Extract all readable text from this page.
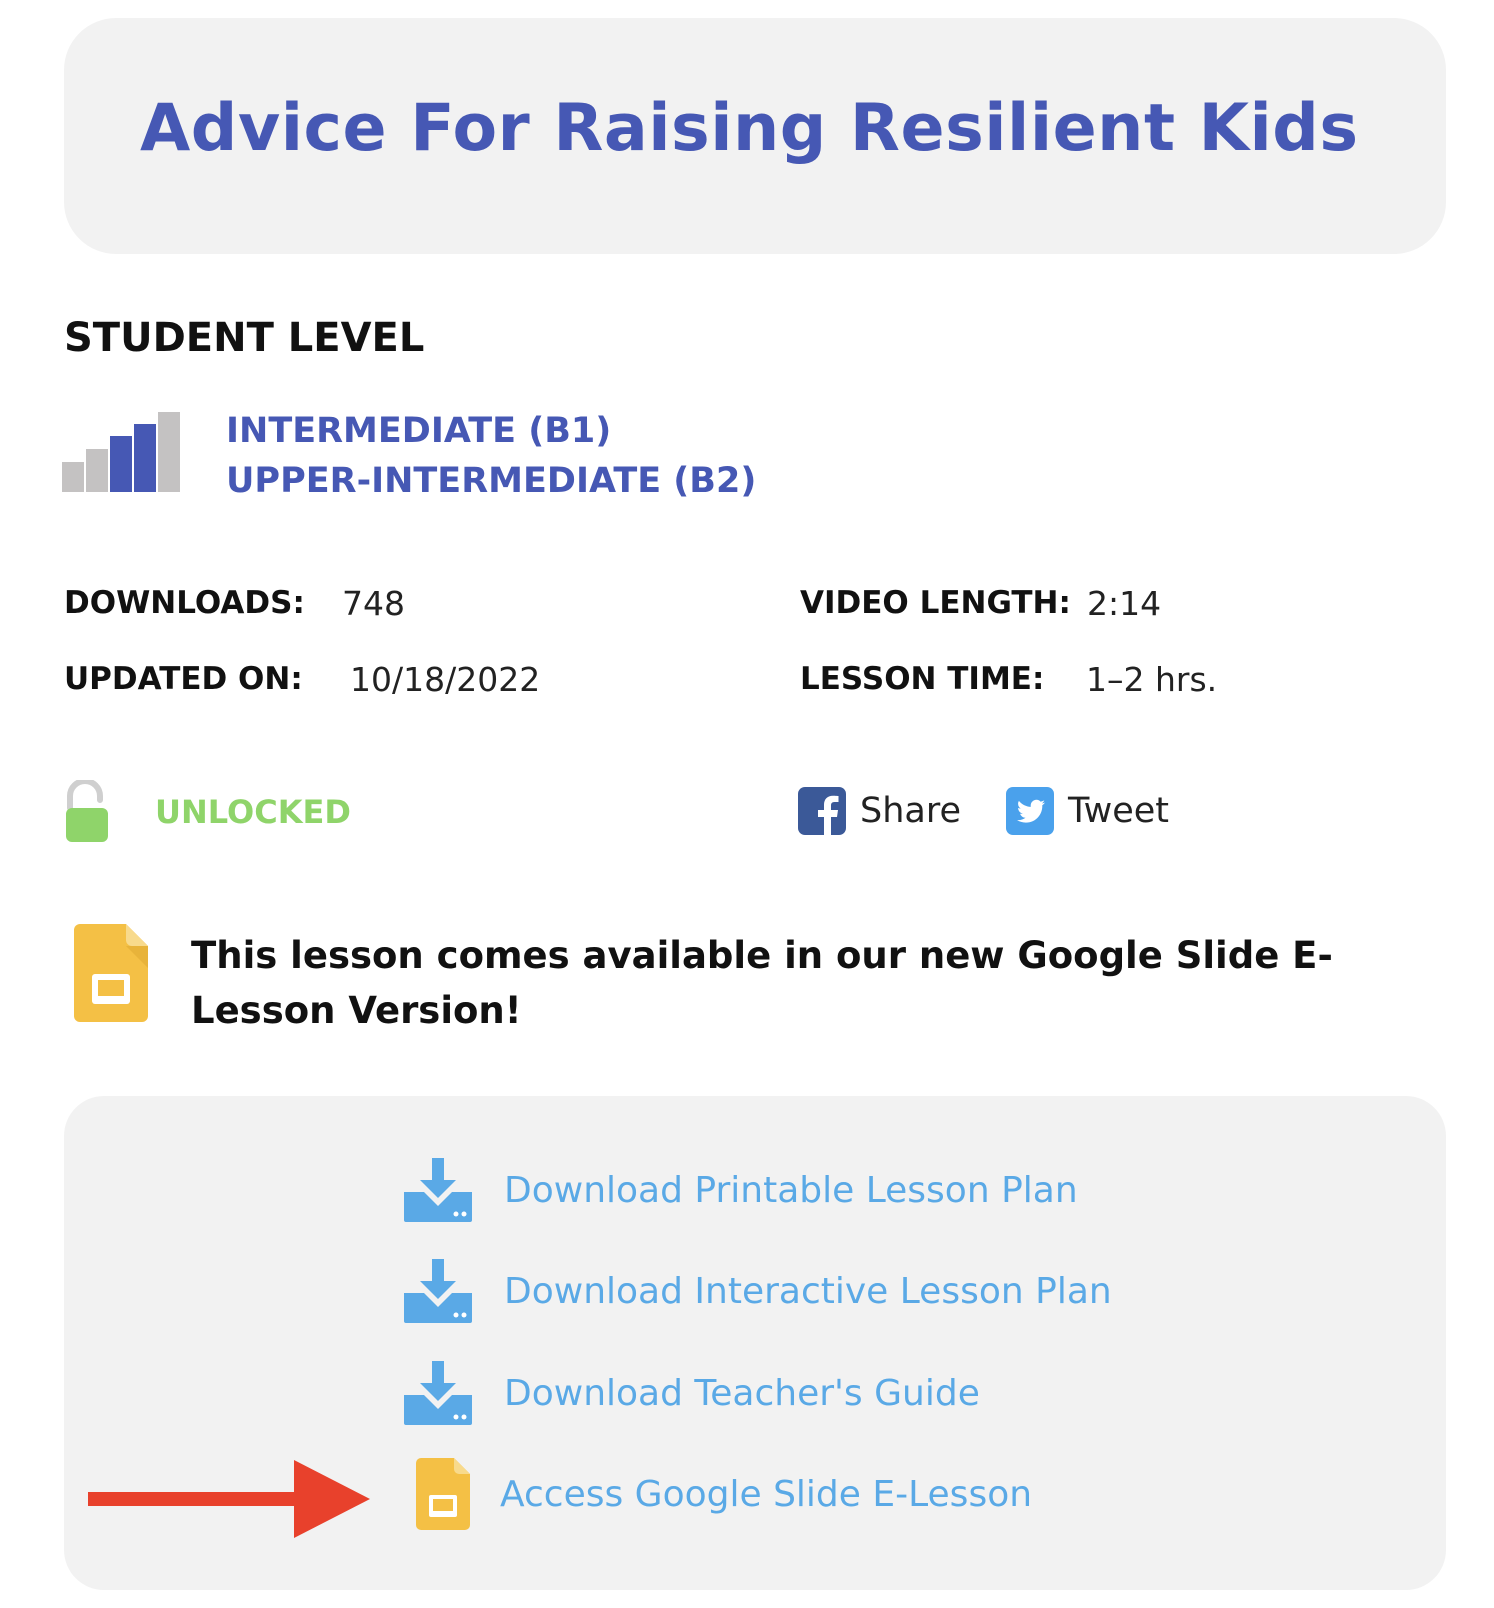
Advice For Raising Resilient Kids
STUDENT LEVEL
INTERMEDIATE (B1)
UPPER-INTERMEDIATE (B2)
DOWNLOADS: 748
UPDATED ON: 10/18/2022
VIDEO LENGTH: 2:14
LESSON TIME: 1–2 hrs.
UNLOCKED	Share	Tweet

This lesson comes available in our new Google Slide E-Lesson Version!

Download Printable Lesson Plan
Download Interactive Lesson Plan
Download Teacher's Guide
Access Google Slide E-Lesson
